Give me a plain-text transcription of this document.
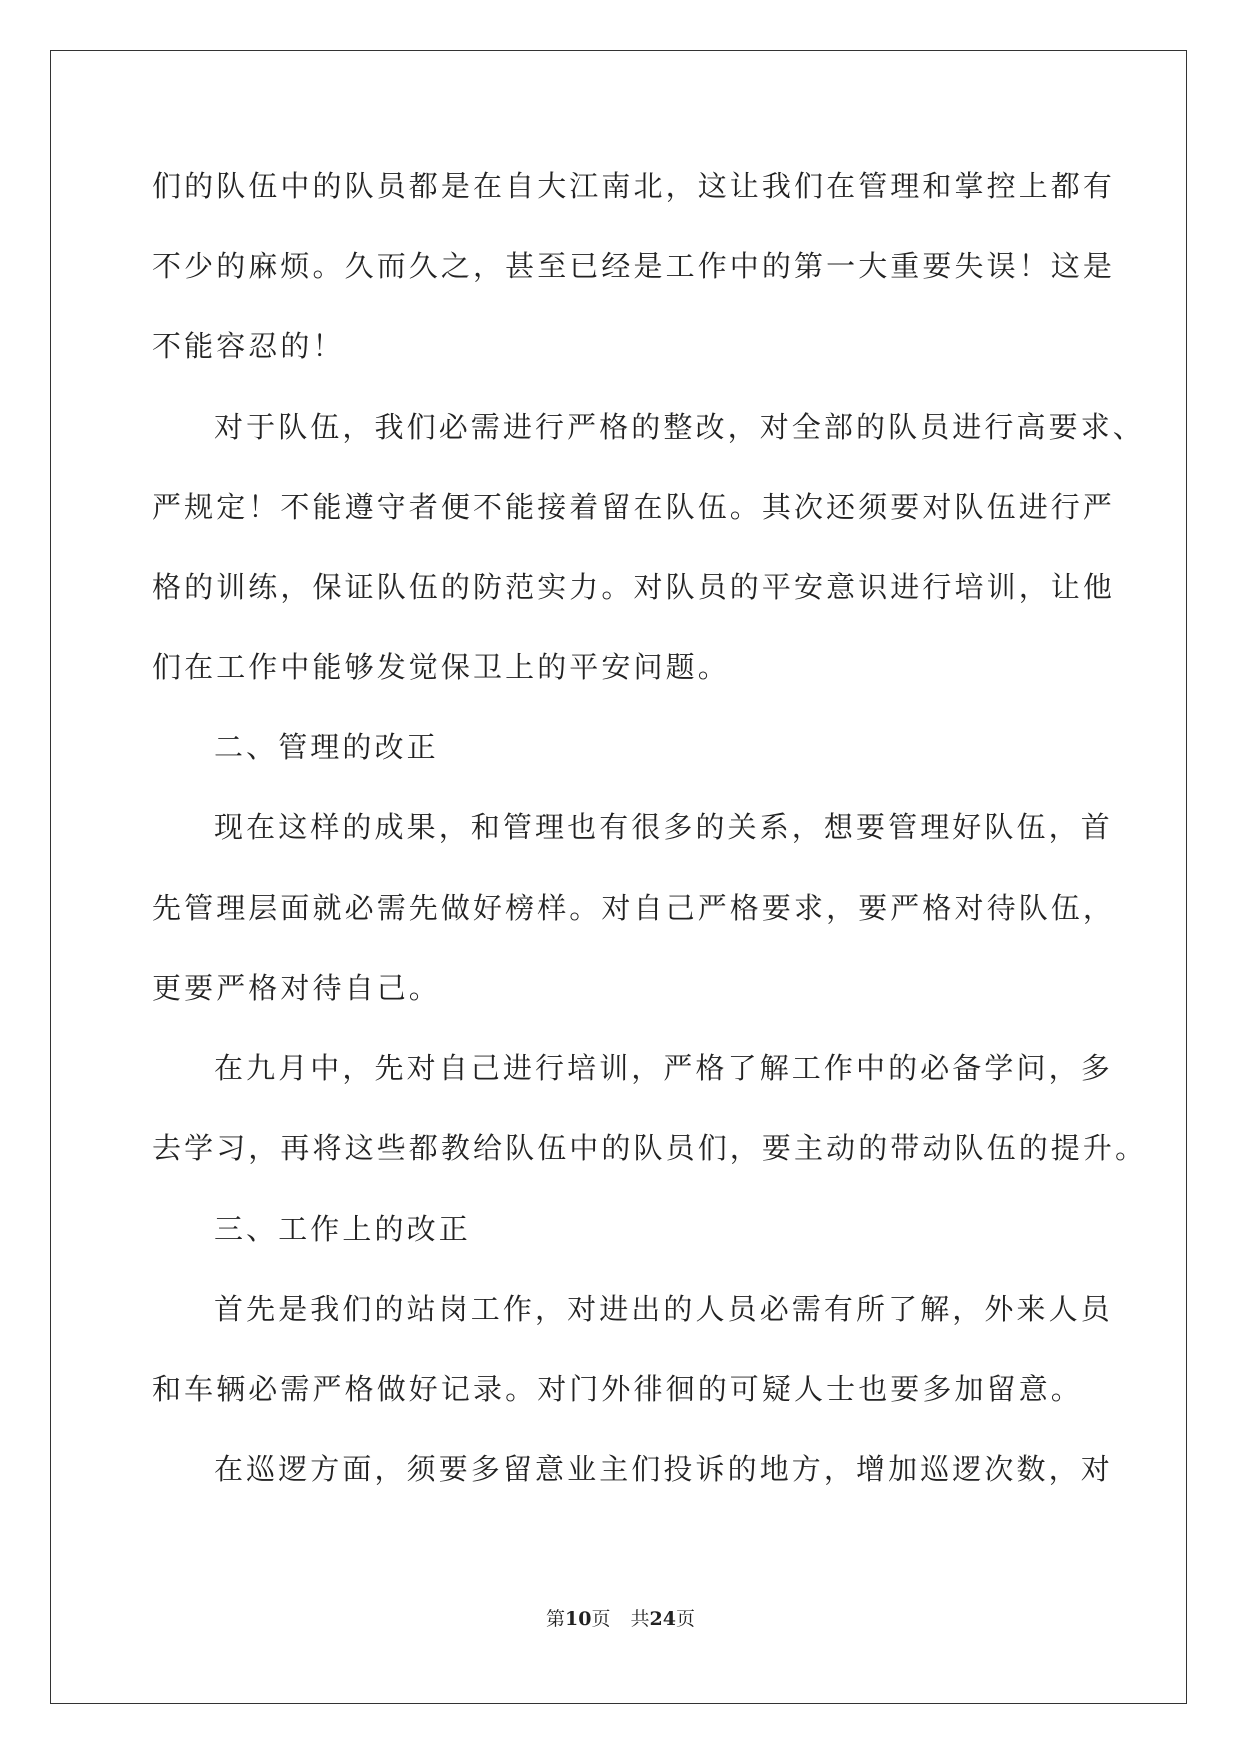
们的队伍中的队员都是在自大江南北，这让我们在管理和掌控上都有
不少的麻烦。久而久之，甚至已经是工作中的第一大重要失误！这是
不能容忍的！
对于队伍，我们必需进行严格的整改，对全部的队员进行高要求、
严规定！不能遵守者便不能接着留在队伍。其次还须要对队伍进行严
格的训练，保证队伍的防范实力。对队员的平安意识进行培训，让他
们在工作中能够发觉保卫上的平安问题。
二、管理的改正
现在这样的成果，和管理也有很多的关系，想要管理好队伍，首
先管理层面就必需先做好榜样。对自己严格要求，要严格对待队伍，
更要严格对待自己。
在九月中，先对自己进行培训，严格了解工作中的必备学问，多
去学习，再将这些都教给队伍中的队员们，要主动的带动队伍的提升。
三、工作上的改正
首先是我们的站岗工作，对进出的人员必需有所了解，外来人员
和车辆必需严格做好记录。对门外徘徊的可疑人士也要多加留意。
在巡逻方面，须要多留意业主们投诉的地方，增加巡逻次数，对
第10页 共24页
